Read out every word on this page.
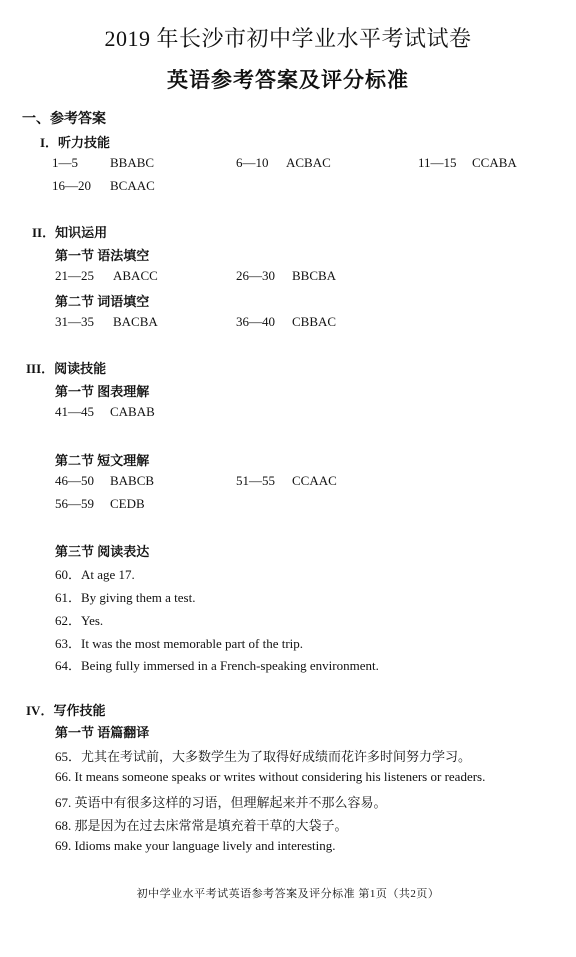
2019 年长沙市初中学业水平考试试卷
英语参考答案及评分标准
一、参考答案
I．听力技能
1—5 BBABC	6—10 ACBAC	11—15 CCABA
16—20 BCAAC
II．知识运用
第一节 语法填空
21—25 ABACC	26—30 BBCBA
第二节 词语填空
31—35 BACBA	36—40 CBBAC
III．阅读技能
第一节 图表理解
41—45 CABAB
第二节 短文理解
46—50 BABCB	51—55 CCAAC
56—59 CEDB
第三节 阅读表达
60．At age 17.
61．By giving them a test.
62．Yes.
63．It was the most memorable part of the trip.
64．Being fully immersed in a French-speaking environment.
IV．写作技能
第一节 语篇翻译
65．尤其在考试前，大多数学生为了取得好成绩而花许多时间努力学习。
66. It means someone speaks or writes without considering his listeners or readers.
67. 英语中有很多这样的习语，但理解起来并不那么容易。
68. 那是因为在过去床常常是填充着干草的大袋子。
69. Idioms make your language lively and interesting.
初中学业水平考试英语参考答案及评分标准 第1页（共2页）
